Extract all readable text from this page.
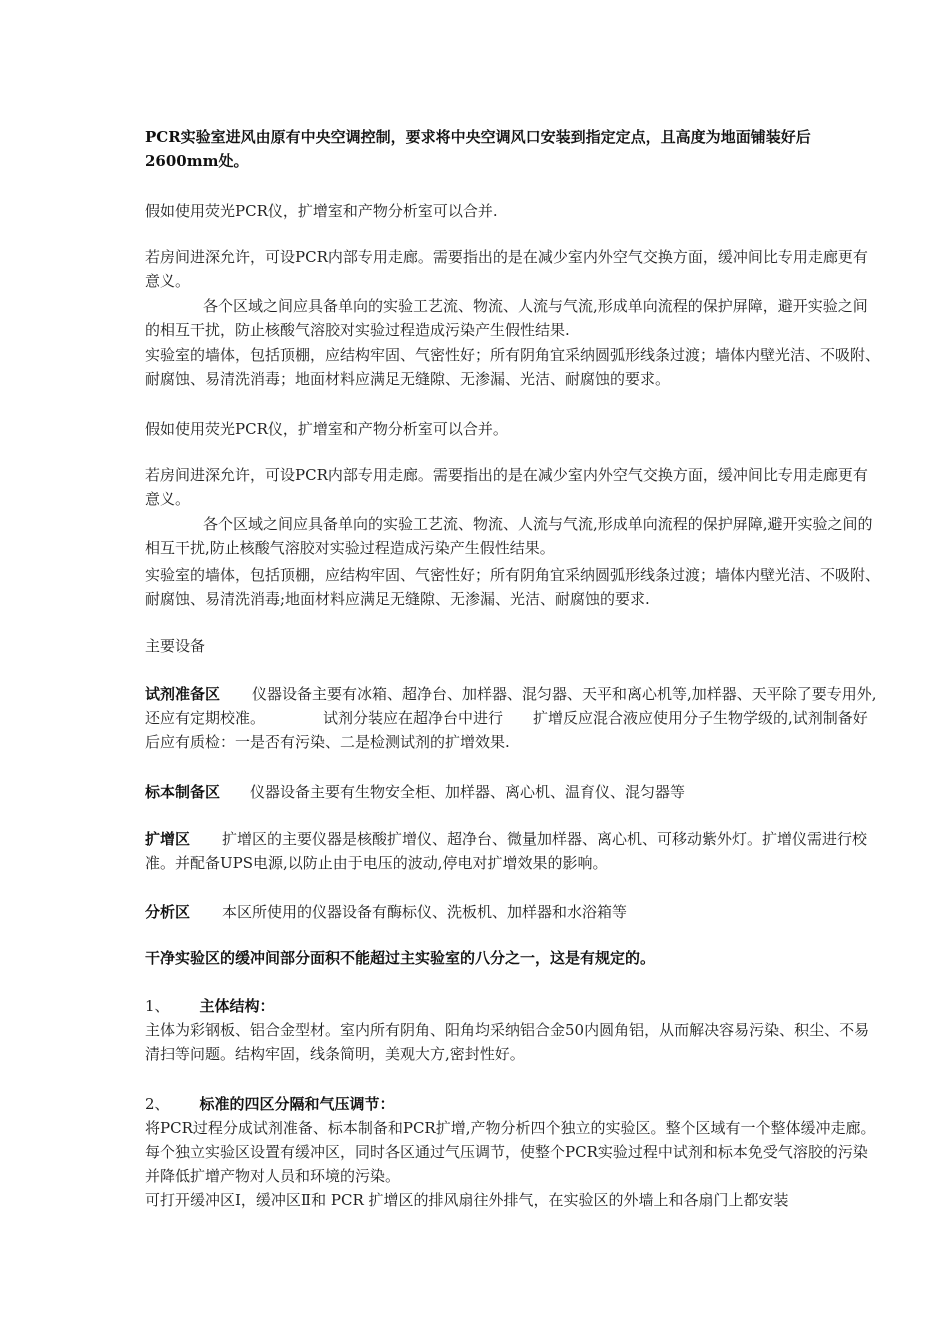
PCR实验室进风由原有中央空调控制，要求将中央空调风口安装到指定定点，且高度为地面铺装好后2600mm处。

假如使用荧光PCR仪，扩增室和产物分析室可以合并.

若房间进深允许，可设PCR内部专用走廊。需要指出的是在减少室内外空气交换方面，缓冲间比专用走廊更有意义。

各个区域之间应具备单向的实验工艺流、物流、人流与气流,形成单向流程的保护屏障，避开实验之间的相互干扰，防止核酸气溶胶对实验过程造成污染产生假性结果.

实验室的墙体，包括顶棚，应结构牢固、气密性好；所有阴角宜采纳圆弧形线条过渡；墙体内壁光洁、不吸附、耐腐蚀、易清洗消毒；地面材料应满足无缝隙、无渗漏、光洁、耐腐蚀的要求。

假如使用荧光PCR仪，扩增室和产物分析室可以合并。

若房间进深允许，可设PCR内部专用走廊。需要指出的是在减少室内外空气交换方面，缓冲间比专用走廊更有意义。

各个区域之间应具备单向的实验工艺流、物流、人流与气流,形成单向流程的保护屏障,避开实验之间的相互干扰,防止核酸气溶胶对实验过程造成污染产生假性结果。

实验室的墙体，包括顶棚，应结构牢固、气密性好；所有阴角宜采纳圆弧形线条过渡；墙体内壁光洁、不吸附、耐腐蚀、易清洗消毒;地面材料应满足无缝隙、无渗漏、光洁、耐腐蚀的要求.

主要设备

试剂准备区 仪器设备主要有冰箱、超净台、加样器、混匀器、天平和离心机等,加样器、天平除了要专用外,还应有定期校准。	试剂分装应在超净台中进行 扩增反应混合液应使用分子生物学级的,试剂制备好后应有质检：一是否有污染、二是检测试剂的扩增效果.

标本制备区 仪器设备主要有生物安全柜、加样器、离心机、温育仪、混匀器等

扩增区 扩增区的主要仪器是核酸扩增仪、超净台、微量加样器、离心机、可移动紫外灯。扩增仪需进行校准。并配备UPS电源,以防止由于电压的波动,停电对扩增效果的影响。

分析区 本区所使用的仪器设备有酶标仪、洗板机、加样器和水浴箱等

干净实验区的缓冲间部分面积不能超过主实验室的八分之一，这是有规定的。

1、 主体结构：

主体为彩钢板、铝合金型材。室内所有阴角、阳角均采纳铝合金50内圆角铝，从而解决容易污染、积尘、不易清扫等问题。结构牢固，线条简明，美观大方,密封性好。

2、 标准的四区分隔和气压调节：

将PCR过程分成试剂准备、标本制备和PCR扩增,产物分析四个独立的实验区。整个区域有一个整体缓冲走廊。每个独立实验区设置有缓冲区，同时各区通过气压调节，使整个PCR实验过程中试剂和标本免受气溶胶的污染并降低扩增产物对人员和环境的污染。

可打开缓冲区Ⅰ，缓冲区Ⅱ和 PCR 扩增区的排风扇往外排气，在实验区的外墙上和各扇门上都安装
